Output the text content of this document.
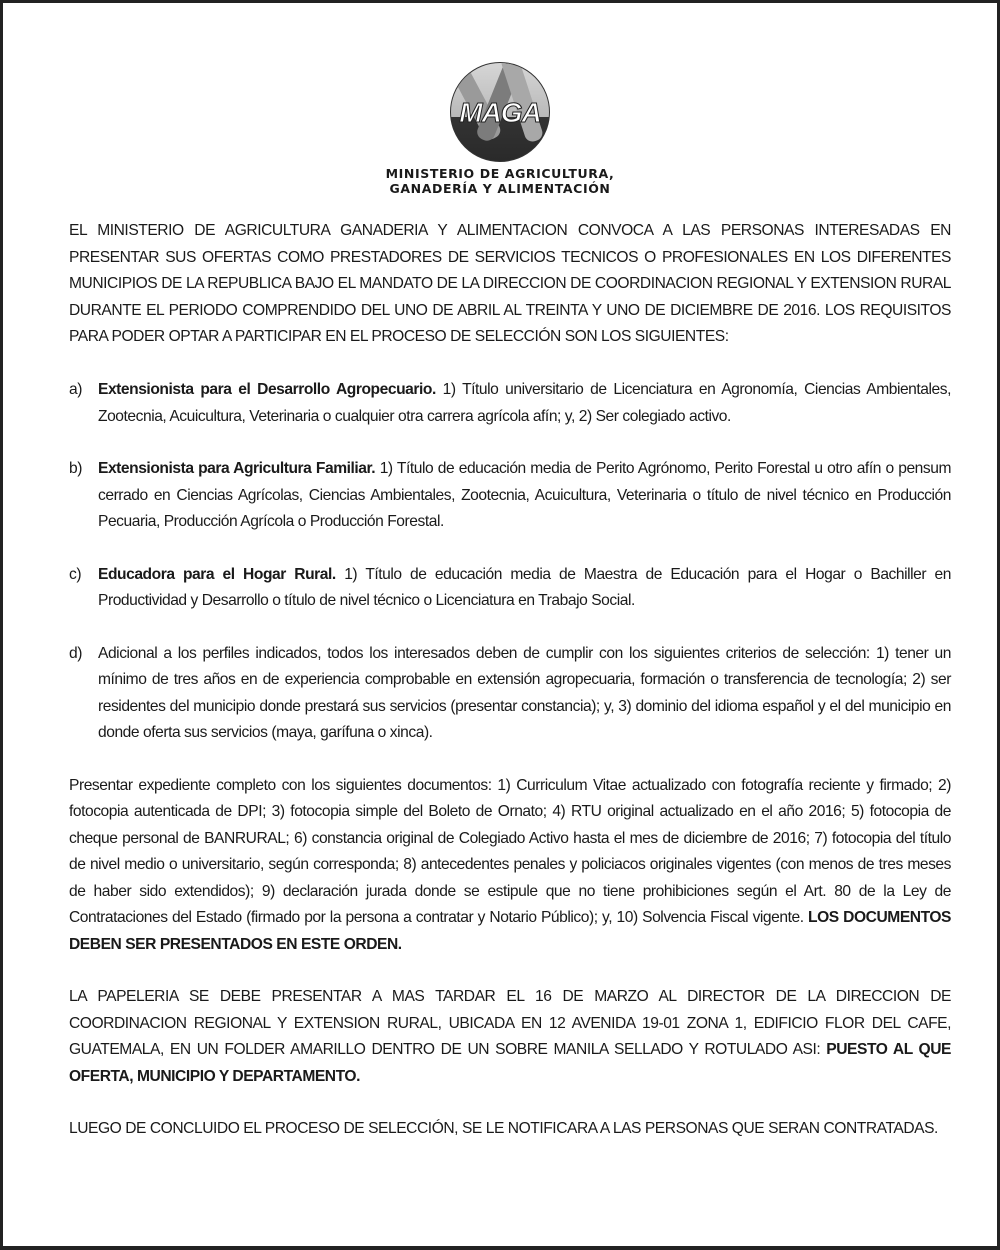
MAGA
MINISTERIO DE AGRICULTURA,
GANADERÍA Y ALIMENTACIÓN

EL MINISTERIO DE AGRICULTURA GANADERIA Y ALIMENTACION CONVOCA A LAS PERSONAS INTERESADAS EN PRESENTAR SUS OFERTAS COMO PRESTADORES DE SERVICIOS TECNICOS O PROFESIONALES EN LOS DIFERENTES MUNICIPIOS DE LA REPUBLICA BAJO EL MANDATO DE LA DIRECCION DE COORDINACION REGIONAL Y EXTENSION RURAL DURANTE EL PERIODO COMPRENDIDO DEL UNO DE ABRIL AL TREINTA Y UNO DE DICIEMBRE DE 2016. LOS REQUISITOS PARA PODER OPTAR A PARTICIPAR EN EL PROCESO DE SELECCIÓN SON LOS SIGUIENTES:

a) Extensionista para el Desarrollo Agropecuario. 1) Título universitario de Licenciatura en Agronomía, Ciencias Ambientales, Zootecnia, Acuicultura, Veterinaria o cualquier otra carrera agrícola afín; y, 2) Ser colegiado activo.
b) Extensionista para Agricultura Familiar. 1) Título de educación media de Perito Agrónomo, Perito Forestal u otro afín o pensum cerrado en Ciencias Agrícolas, Ciencias Ambientales, Zootecnia, Acuicultura, Veterinaria o título de nivel técnico en Producción Pecuaria, Producción Agrícola o Producción Forestal.
c) Educadora para el Hogar Rural. 1) Título de educación media de Maestra de Educación para el Hogar o Bachiller en Productividad y Desarrollo o título de nivel técnico o Licenciatura en Trabajo Social.
d) Adicional a los perfiles indicados, todos los interesados deben de cumplir con los siguientes criterios de selección: 1) tener un mínimo de tres años en de experiencia comprobable en extensión agropecuaria, formación o transferencia de tecnología; 2) ser residentes del municipio donde prestará sus servicios (presentar constancia); y, 3) dominio del idioma español y el del municipio en donde oferta sus servicios (maya, garífuna o xinca).

Presentar expediente completo con los siguientes documentos: 1) Curriculum Vitae actualizado con fotografía reciente y firmado; 2) fotocopia autenticada de DPI; 3) fotocopia simple del Boleto de Ornato; 4) RTU original actualizado en el año 2016; 5) fotocopia de cheque personal de BANRURAL; 6) constancia original de Colegiado Activo hasta el mes de diciembre de 2016; 7) fotocopia del título de nivel medio o universitario, según corresponda; 8) antecedentes penales y policiacos originales vigentes (con menos de tres meses de haber sido extendidos); 9) declaración jurada donde se estipule que no tiene prohibiciones según el Art. 80 de la Ley de Contrataciones del Estado (firmado por la persona a contratar y Notario Público); y, 10) Solvencia Fiscal vigente. LOS DOCUMENTOS DEBEN SER PRESENTADOS EN ESTE ORDEN.

LA PAPELERIA SE DEBE PRESENTAR A MAS TARDAR EL 16 DE MARZO AL DIRECTOR DE LA DIRECCION DE COORDINACION REGIONAL Y EXTENSION RURAL, UBICADA EN 12 AVENIDA 19-01 ZONA 1, EDIFICIO FLOR DEL CAFE, GUATEMALA, EN UN FOLDER AMARILLO DENTRO DE UN SOBRE MANILA SELLADO Y ROTULADO ASI: PUESTO AL QUE OFERTA, MUNICIPIO Y DEPARTAMENTO.

LUEGO DE CONCLUIDO EL PROCESO DE SELECCIÓN, SE LE NOTIFICARA A LAS PERSONAS QUE SERAN CONTRATADAS.
